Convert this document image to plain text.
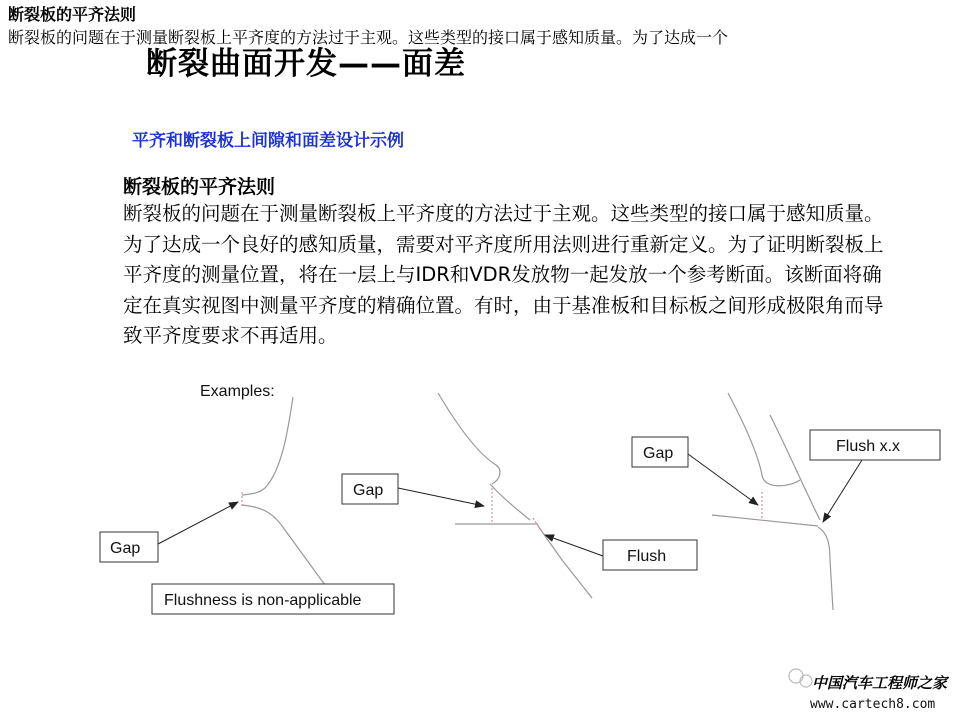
断裂板的平齐法则
断裂板的问题在于测量断裂板上平齐度的方法过于主观。这些类型的接口属于感知质量。为了达成一个
断裂曲面开发——面差
平齐和断裂板上间隙和面差设计示例
断裂板的平齐法则
断裂板的问题在于测量断裂板上平齐度的方法过于主观。这些类型的接口属于感知质量。为了达成一个良好的感知质量，需要对平齐度所用法则进行重新定义。为了证明断裂板上平齐度的测量位置，将在一层上与IDR和VDR发放物一起发放一个参考断面。该断面将确定在真实视图中测量平齐度的精确位置。有时，由于基准板和目标板之间形成极限角而导致平齐度要求不再适用。
Examples:
Gap
Flushness is non-applicable
Gap
Flush
Gap	Flush x.x
中国汽车工程师之家
www.cartech8.com
